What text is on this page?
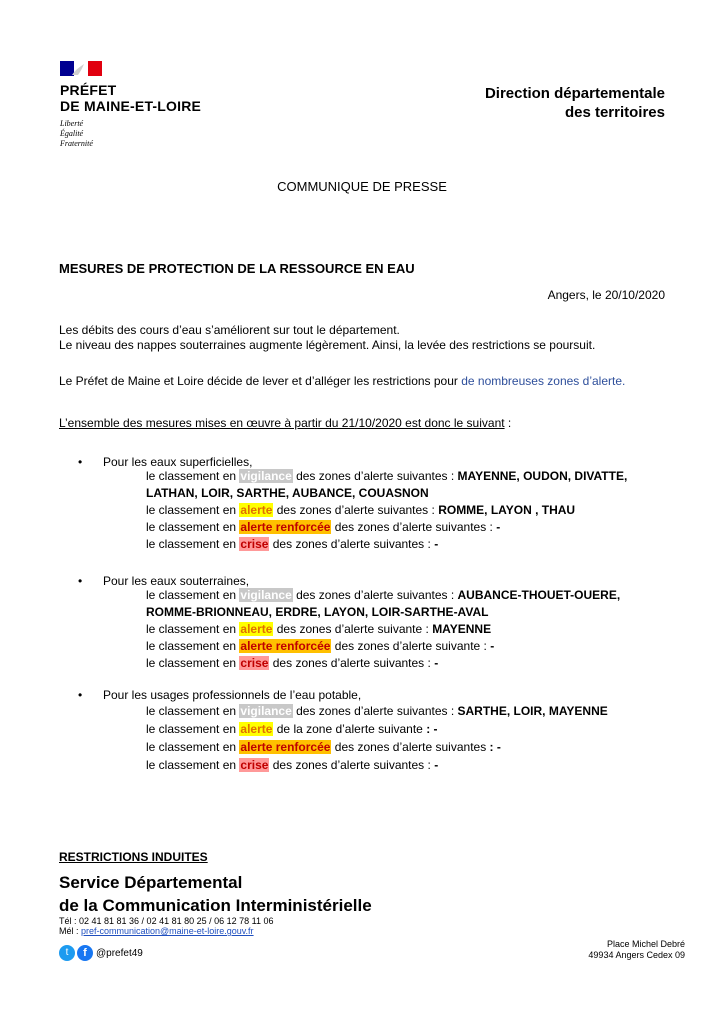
PRÉFET
DE MAINE-ET-LOIRE
Liberté
Égalité
Fraternité
Direction départementale
des territoires
COMMUNIQUE DE PRESSE
MESURES DE PROTECTION DE LA RESSOURCE EN EAU
Angers, le 20/10/2020
Les débits des cours d’eau s’améliorent sur tout le département.
Le niveau des nappes souterraines augmente légèrement. Ainsi, la levée des restrictions se poursuit.
Le Préfet de Maine et Loire décide de lever et d’alléger les restrictions pour de nombreuses zones d’alerte.
L’ensemble des mesures mises en œuvre à partir du 21/10/2020 est donc le suivant :
• Pour les eaux superficielles,
le classement en vigilance des zones d’alerte suivantes : MAYENNE, OUDON, DIVATTE,
LATHAN, LOIR, SARTHE, AUBANCE, COUASNON
le classement en alerte des zones d’alerte suivantes : ROMME, LAYON , THAU
le classement en alerte renforcée des zones d’alerte suivantes : -
le classement en crise des zones d’alerte suivantes : -
• Pour les eaux souterraines,
le classement en vigilance des zones d’alerte suivantes : AUBANCE-THOUET-OUERE,
ROMME-BRIONNEAU, ERDRE, LAYON, LOIR-SARTHE-AVAL
le classement en alerte des zones d’alerte suivante : MAYENNE
le classement en alerte renforcée des zones d’alerte suivante : -
le classement en crise des zones d’alerte suivantes : -
• Pour les usages professionnels de l’eau potable,
le classement en vigilance des zones d’alerte suivantes : SARTHE, LOIR, MAYENNE
le classement en alerte de la zone d’alerte suivante : -
le classement en alerte renforcée des zones d’alerte suivantes : -
le classement en crise des zones d’alerte suivantes : -
RESTRICTIONS INDUITES
Service Départemental
de la Communication Interministérielle
Tél : 02 41 81 81 36 / 02 41 81 80 25 / 06 12 78 11 06
Mél : pref-communication@maine-et-loire.gouv.fr
t	f @prefet49
Place Michel Debré
49934 Angers Cedex 09
